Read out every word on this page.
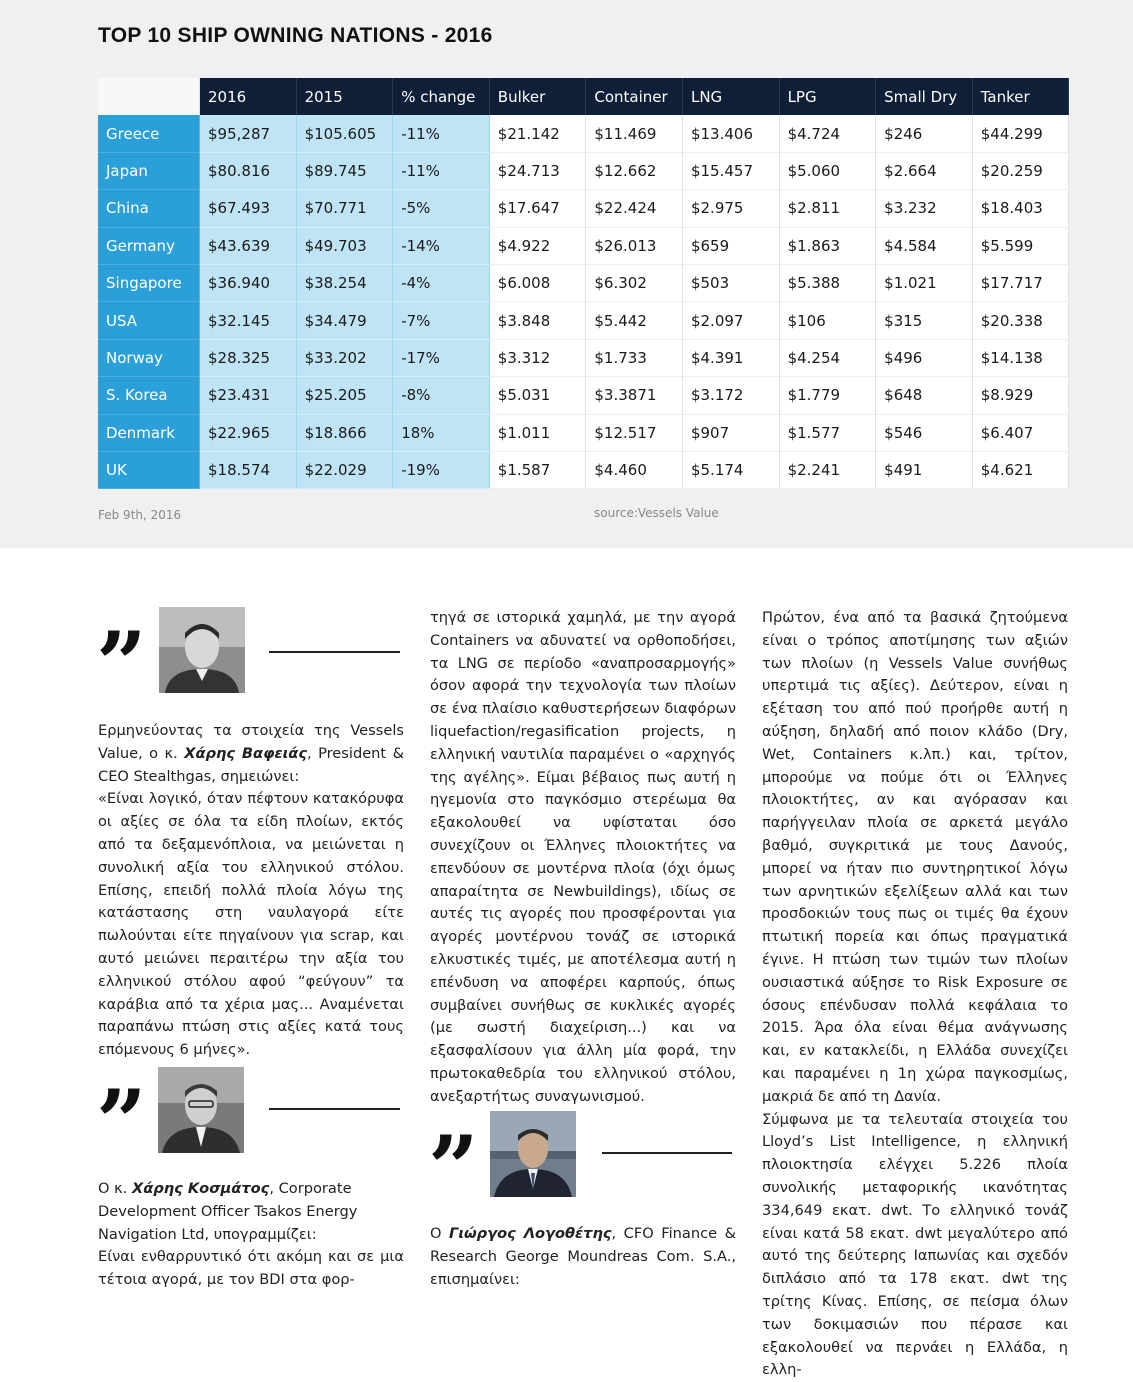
TOP 10 SHIP OWNING NATIONS - 2016
	2016	2015	% change	Bulker	Container	LNG	LPG	Small Dry	Tanker
Greece	$95,287	$105.605	-11%	$21.142	$11.469	$13.406	$4.724	$246	$44.299
Japan	$80.816	$89.745	-11%	$24.713	$12.662	$15.457	$5.060	$2.664	$20.259
China	$67.493	$70.771	-5%	$17.647	$22.424	$2.975	$2.811	$3.232	$18.403
Germany	$43.639	$49.703	-14%	$4.922	$26.013	$659	$1.863	$4.584	$5.599
Singapore	$36.940	$38.254	-4%	$6.008	$6.302	$503	$5.388	$1.021	$17.717
USA	$32.145	$34.479	-7%	$3.848	$5.442	$2.097	$106	$315	$20.338
Norway	$28.325	$33.202	-17%	$3.312	$1.733	$4.391	$4.254	$496	$14.138
S. Korea	$23.431	$25.205	-8%	$5.031	$3.3871	$3.172	$1.779	$648	$8.929
Denmark	$22.965	$18.866	18%	$1.011	$12.517	$907	$1.577	$546	$6.407
UK	$18.574	$22.029	-19%	$1.587	$4.460	$5.174	$2.241	$491	$4.621
Feb 9th, 2016	source:Vessels Value
”

Ερμηνεύοντας τα στοιχεία της Vessels Value, ο κ. Χάρης Βαφειάς, President & CEO Stealthgas, σημειώνει:

«Είναι λογικό, όταν πέφτουν κατακόρυφα οι αξίες σε όλα τα είδη πλοίων, εκτός από τα δεξαμενόπλοια, να μειώνεται η συνολική αξία του ελληνικού στόλου. Επίσης, επειδή πολλά πλοία λόγω της κατάστασης στη ναυλαγορά είτε πωλούνται είτε πηγαίνουν για scrap, και αυτό μειώνει περαιτέρω την αξία του ελληνικού στόλου αφού “φεύγουν” τα καράβια από τα χέρια μας... Αναμένεται παραπάνω πτώση στις αξίες κατά τους επόμενους 6 μήνες».

”

Ο κ. Χάρης Κοσμάτος, Corporate Development Officer Tsakos Energy Navigation Ltd, υπογραμμίζει:

Είναι ενθαρρυντικό ότι ακόμη και σε μια τέτοια αγορά, με τον BDI στα φορ-

τηγά σε ιστορικά χαμηλά, με την αγορά Containers να αδυνατεί να ορθοποδήσει, τα LNG σε περίοδο «αναπροσαρμογής» όσον αφορά την τεχνολογία των πλοίων σε ένα πλαίσιο καθυστερήσεων διαφόρων liquefaction/regasification projects, η ελληνική ναυτιλία παραμένει ο «αρχηγός της αγέλης». Είμαι βέβαιος πως αυτή η ηγεμονία στο παγκόσμιο στερέωμα θα εξακολουθεί να υφίσταται όσο συνεχίζουν οι Έλληνες πλοιοκτήτες να επενδύουν σε μοντέρνα πλοία (όχι όμως απαραίτητα σε Newbuildings), ιδίως σε αυτές τις αγορές που προσφέρονται για αγορές μοντέρνου τονάζ σε ιστορικά ελκυστικές τιμές, με αποτέλεσμα αυτή η επένδυση να αποφέρει καρπούς, όπως συμβαίνει συνήθως σε κυκλικές αγορές (με σωστή διαχείριση...) και να εξασφαλίσουν για άλλη μία φορά, την πρωτοκαθεδρία του ελληνικού στόλου, ανεξαρτήτως συναγωνισμού.

”

Ο Γιώργος Λογοθέτης, CFO Finance & Research George Moundreas Com. S.A., επισημαίνει:

Πρώτον, ένα από τα βασικά ζητούμενα είναι ο τρόπος αποτίμησης των αξιών των πλοίων (η Vessels Value συνήθως υπερτιμά τις αξίες). Δεύτερον, είναι η εξέταση του από πού προήρθε αυτή η αύξηση, δηλαδή από ποιον κλάδο (Dry, Wet, Containers κ.λπ.) και, τρίτον, μπορούμε να πούμε ότι οι Έλληνες πλοιοκτήτες, αν και αγόρασαν και παρήγγειλαν πλοία σε αρκετά μεγάλο βαθμό, συγκριτικά με τους Δανούς, μπορεί να ήταν πιο συντηρητικοί λόγω των αρνητικών εξελίξεων αλλά και των προσδοκιών τους πως οι τιμές θα έχουν πτωτική πορεία και όπως πραγματικά έγινε. Η πτώση των τιμών των πλοίων ουσιαστικά αύξησε το Risk Exposure σε όσους επένδυσαν πολλά κεφάλαια το 2015. Άρα όλα είναι θέμα ανάγνωσης και, εν κατακλείδι, η Ελλάδα συνεχίζει και παραμένει η 1η χώρα παγκοσμίως, μακριά δε από τη Δανία.

Σύμφωνα με τα τελευταία στοιχεία του Lloyd’s List Intelligence, η ελληνική πλοιοκτησία ελέγχει 5.226 πλοία συνολικής μεταφορικής ικανότητας 334,649 εκατ. dwt. Το ελληνικό τονάζ είναι κατά 58 εκατ. dwt μεγαλύτερο από αυτό της δεύτερης Ιαπωνίας και σχεδόν διπλάσιο από τα 178 εκατ. dwt της τρίτης Κίνας. Επίσης, σε πείσμα όλων των δοκιμασιών που πέρασε και εξακολουθεί να περνάει η Ελλάδα, η ελλη-
